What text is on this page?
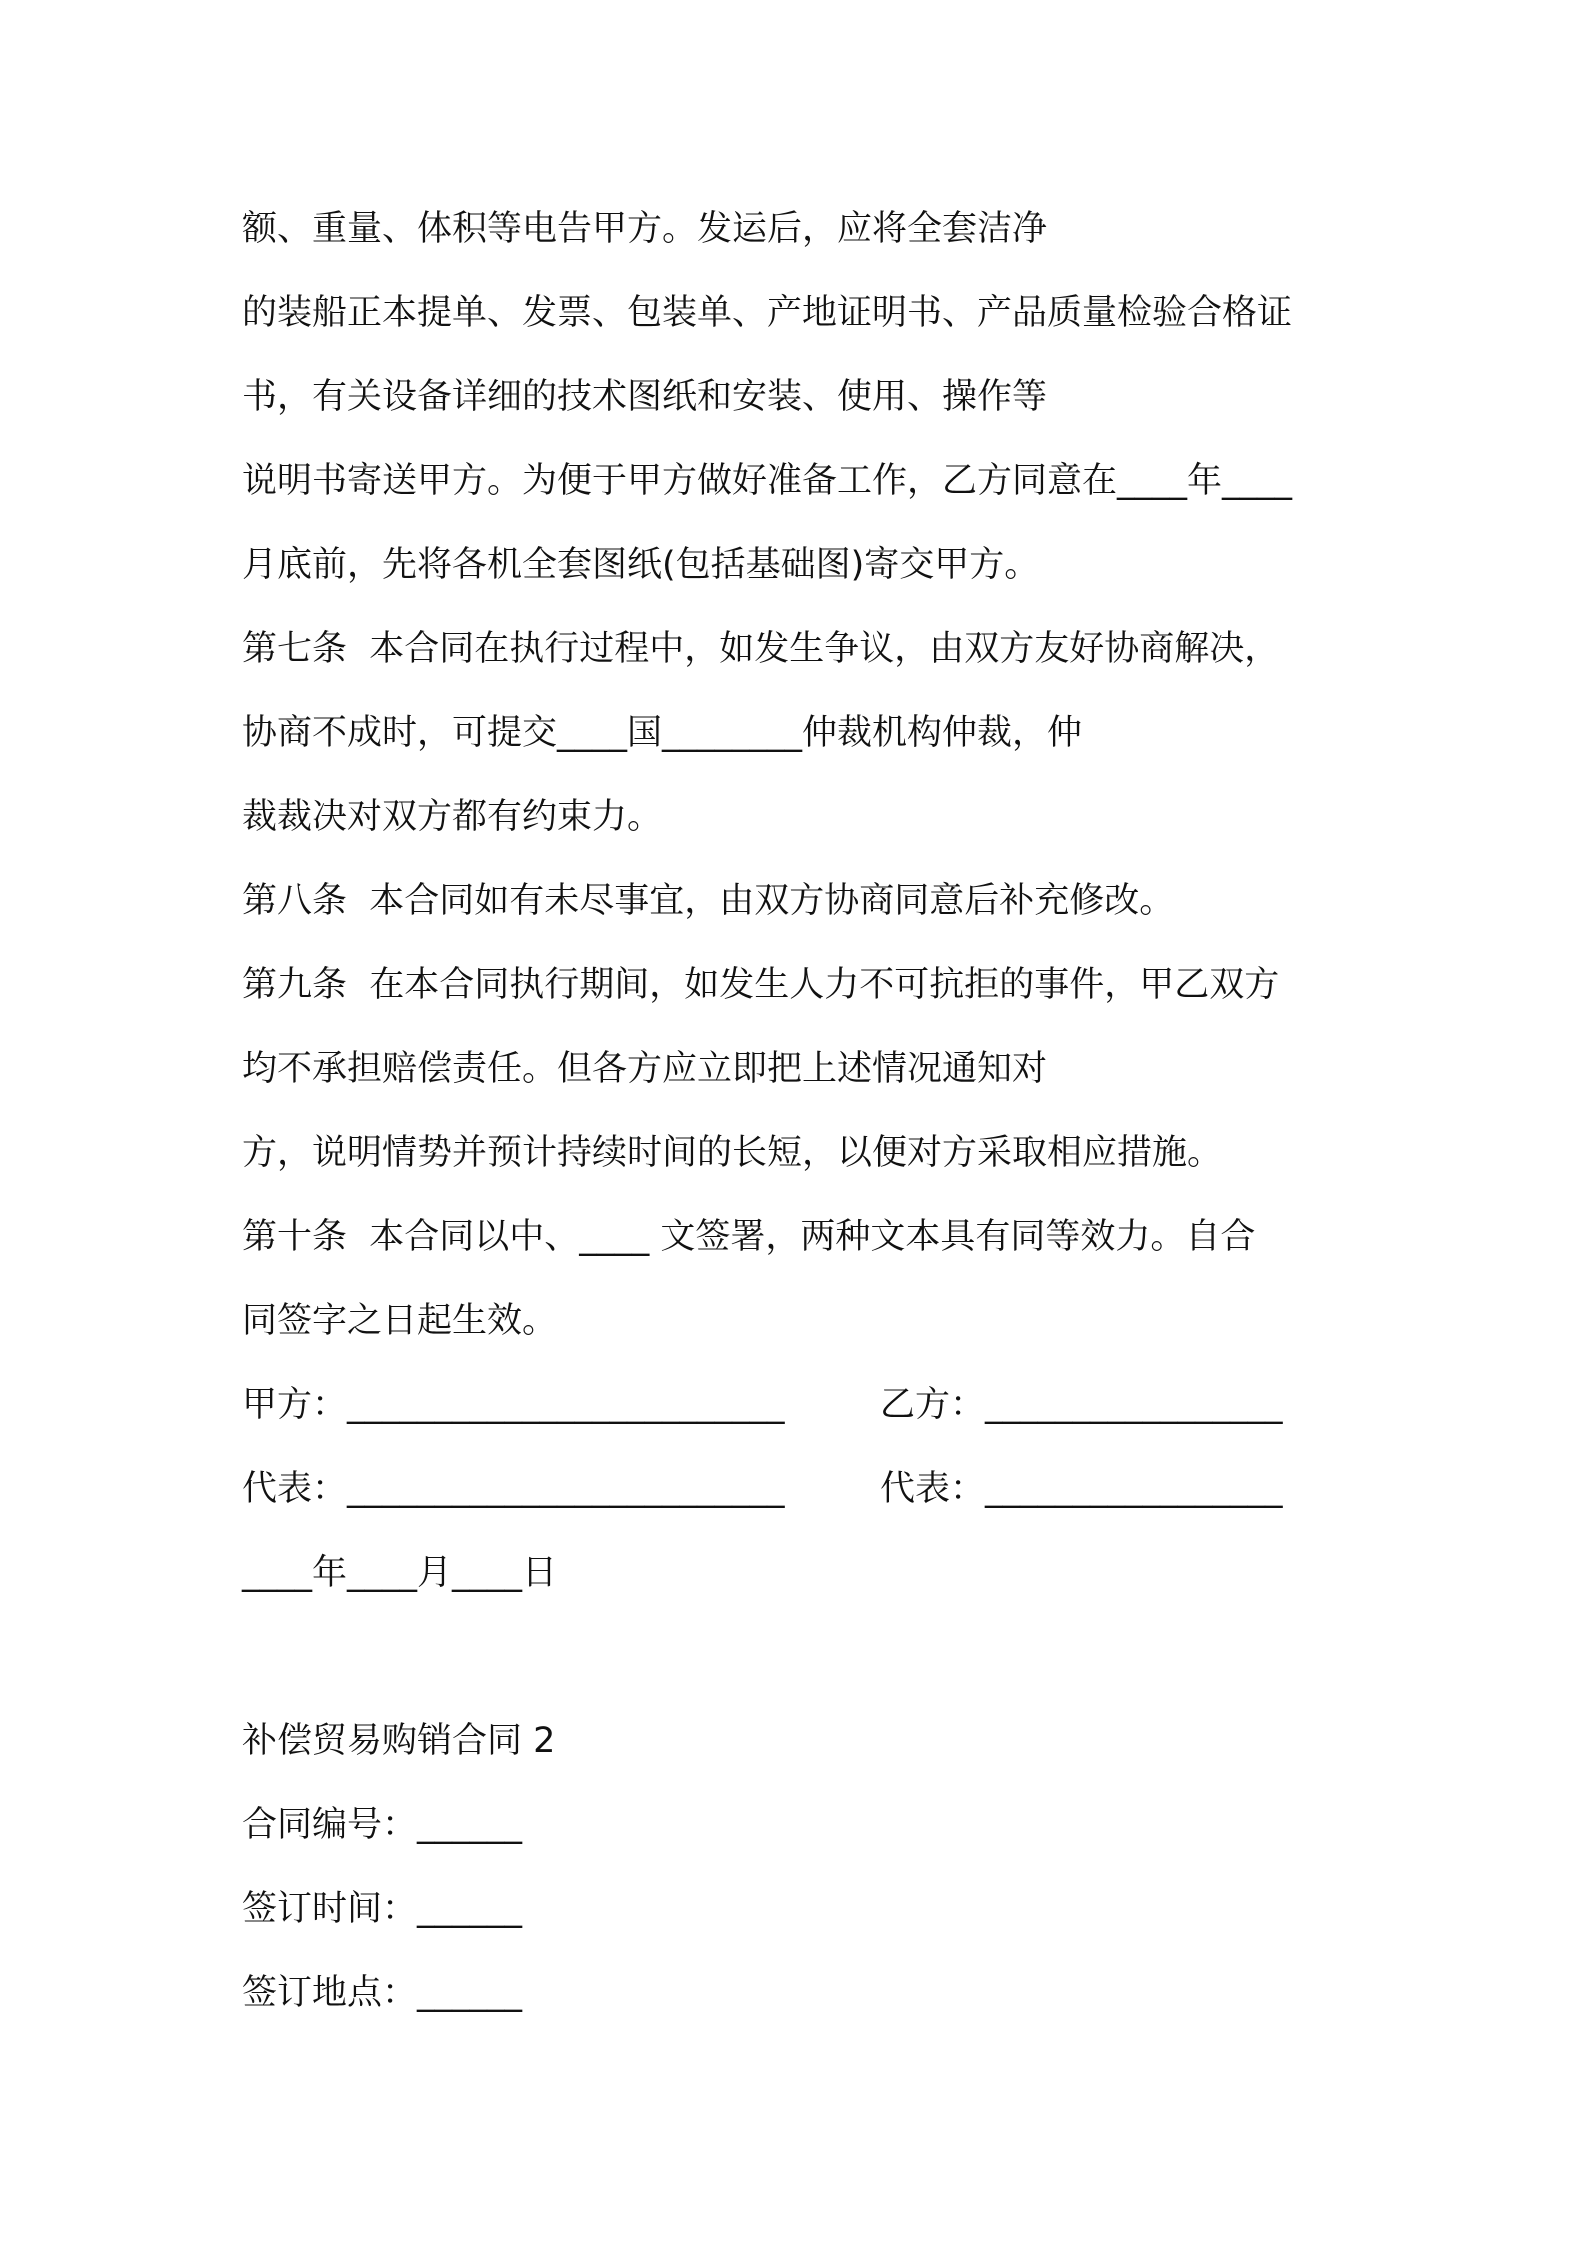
额、重量、体积等电告甲方。发运后，应将全套洁净
的装船正本提单、发票、包装单、产地证明书、产品质量检验合格证
书，有关设备详细的技术图纸和安装、使用、操作等
说明书寄送甲方。为便于甲方做好准备工作，乙方同意在____年____
月底前，先将各机全套图纸(包括基础图)寄交甲方。
第七条  本合同在执行过程中，如发生争议，由双方友好协商解决，
协商不成时，可提交____国________仲裁机构仲裁，仲
裁裁决对双方都有约束力。
第八条  本合同如有未尽事宜，由双方协商同意后补充修改。
第九条  在本合同执行期间，如发生人力不可抗拒的事件，甲乙双方
均不承担赔偿责任。但各方应立即把上述情况通知对
方，说明情势并预计持续时间的长短，以便对方采取相应措施。
第十条  本合同以中、____ 文签署，两种文本具有同等效力。自合
同签字之日起生效。
甲方：_________________________	乙方：_________________
代表：_________________________	代表：_________________
____年____月____日
补偿贸易购销合同 2
合同编号：______
签订时间：______
签订地点：______
